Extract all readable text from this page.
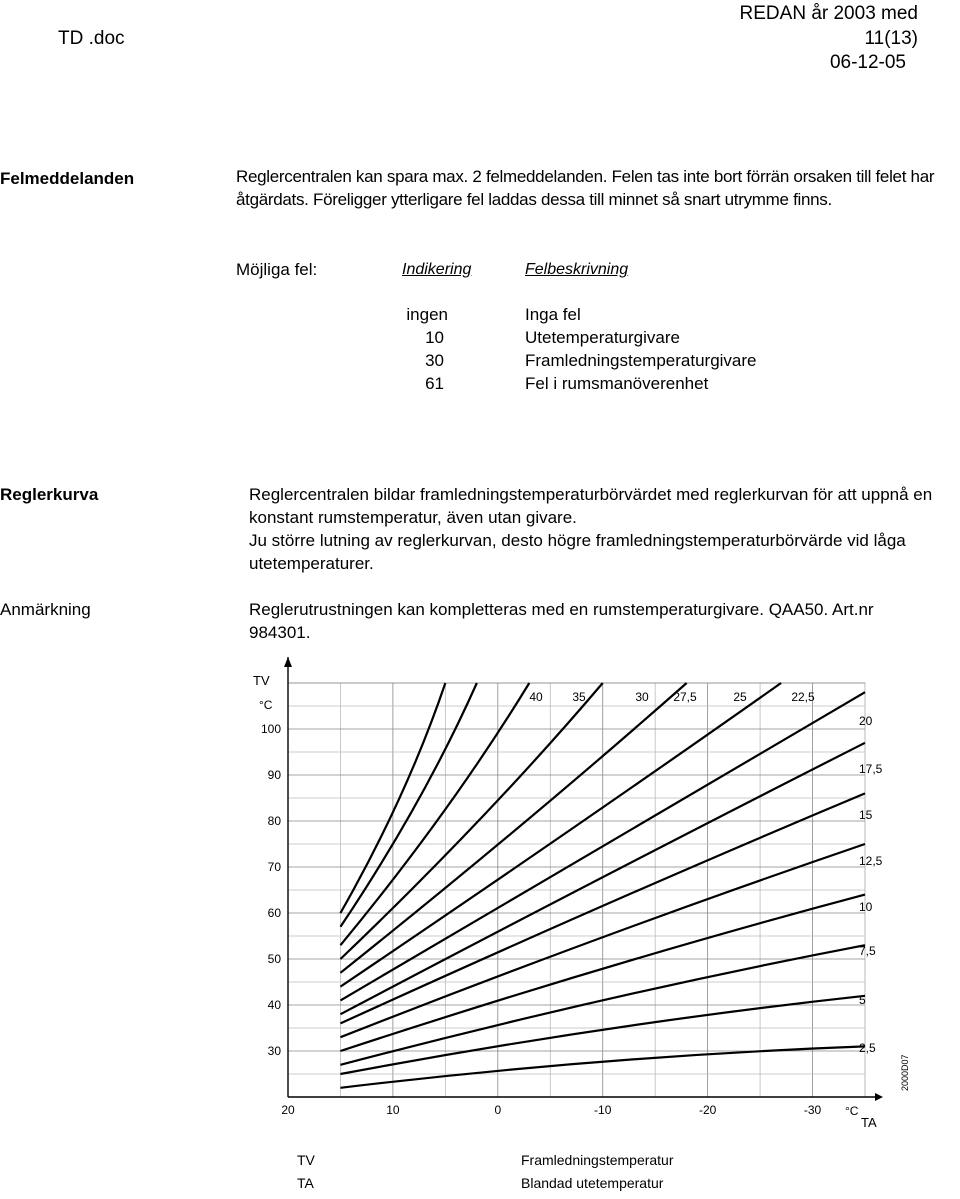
TD .doc
REDAN år 2003 med
11(13)
06-12-05
Felmeddelanden	Reglercentralen kan spara max. 2 felmeddelanden. Felen tas inte bort förrän orsaken till felet har åtgärdats. Föreligger ytterligare fel laddas dessa till minnet så snart utrymme finns.
Möjliga fel:	Indikering	Felbeskrivning
ingen	Inga fel
10	Utetemperaturgivare
30	Framledningstemperaturgivare
61	Fel i rumsmanöverenhet
Reglerkurva	Reglercentralen bildar framledningstemperaturbörvärdet med reglerkurvan för att uppnå en konstant rumstemperatur, även utan givare.
Ju större lutning av reglerkurvan, desto högre framledningstemperaturbörvärde vid låga utetemperaturer.
Anmärkning	Reglerutrustningen kan kompletteras med en rumstemperaturgivare. QAA50. Art.nr 984301.
TV
°C
°C
TA
30
40
50
60
70
80
90
100
20	10	0	-10	-20	-30
40 35	30 27,5	25	22,5
20
17,5
15
12,5
10
7,5
5
2,5
2000D07
TV	Framledningstemperatur
TA	Blandad utetemperatur
